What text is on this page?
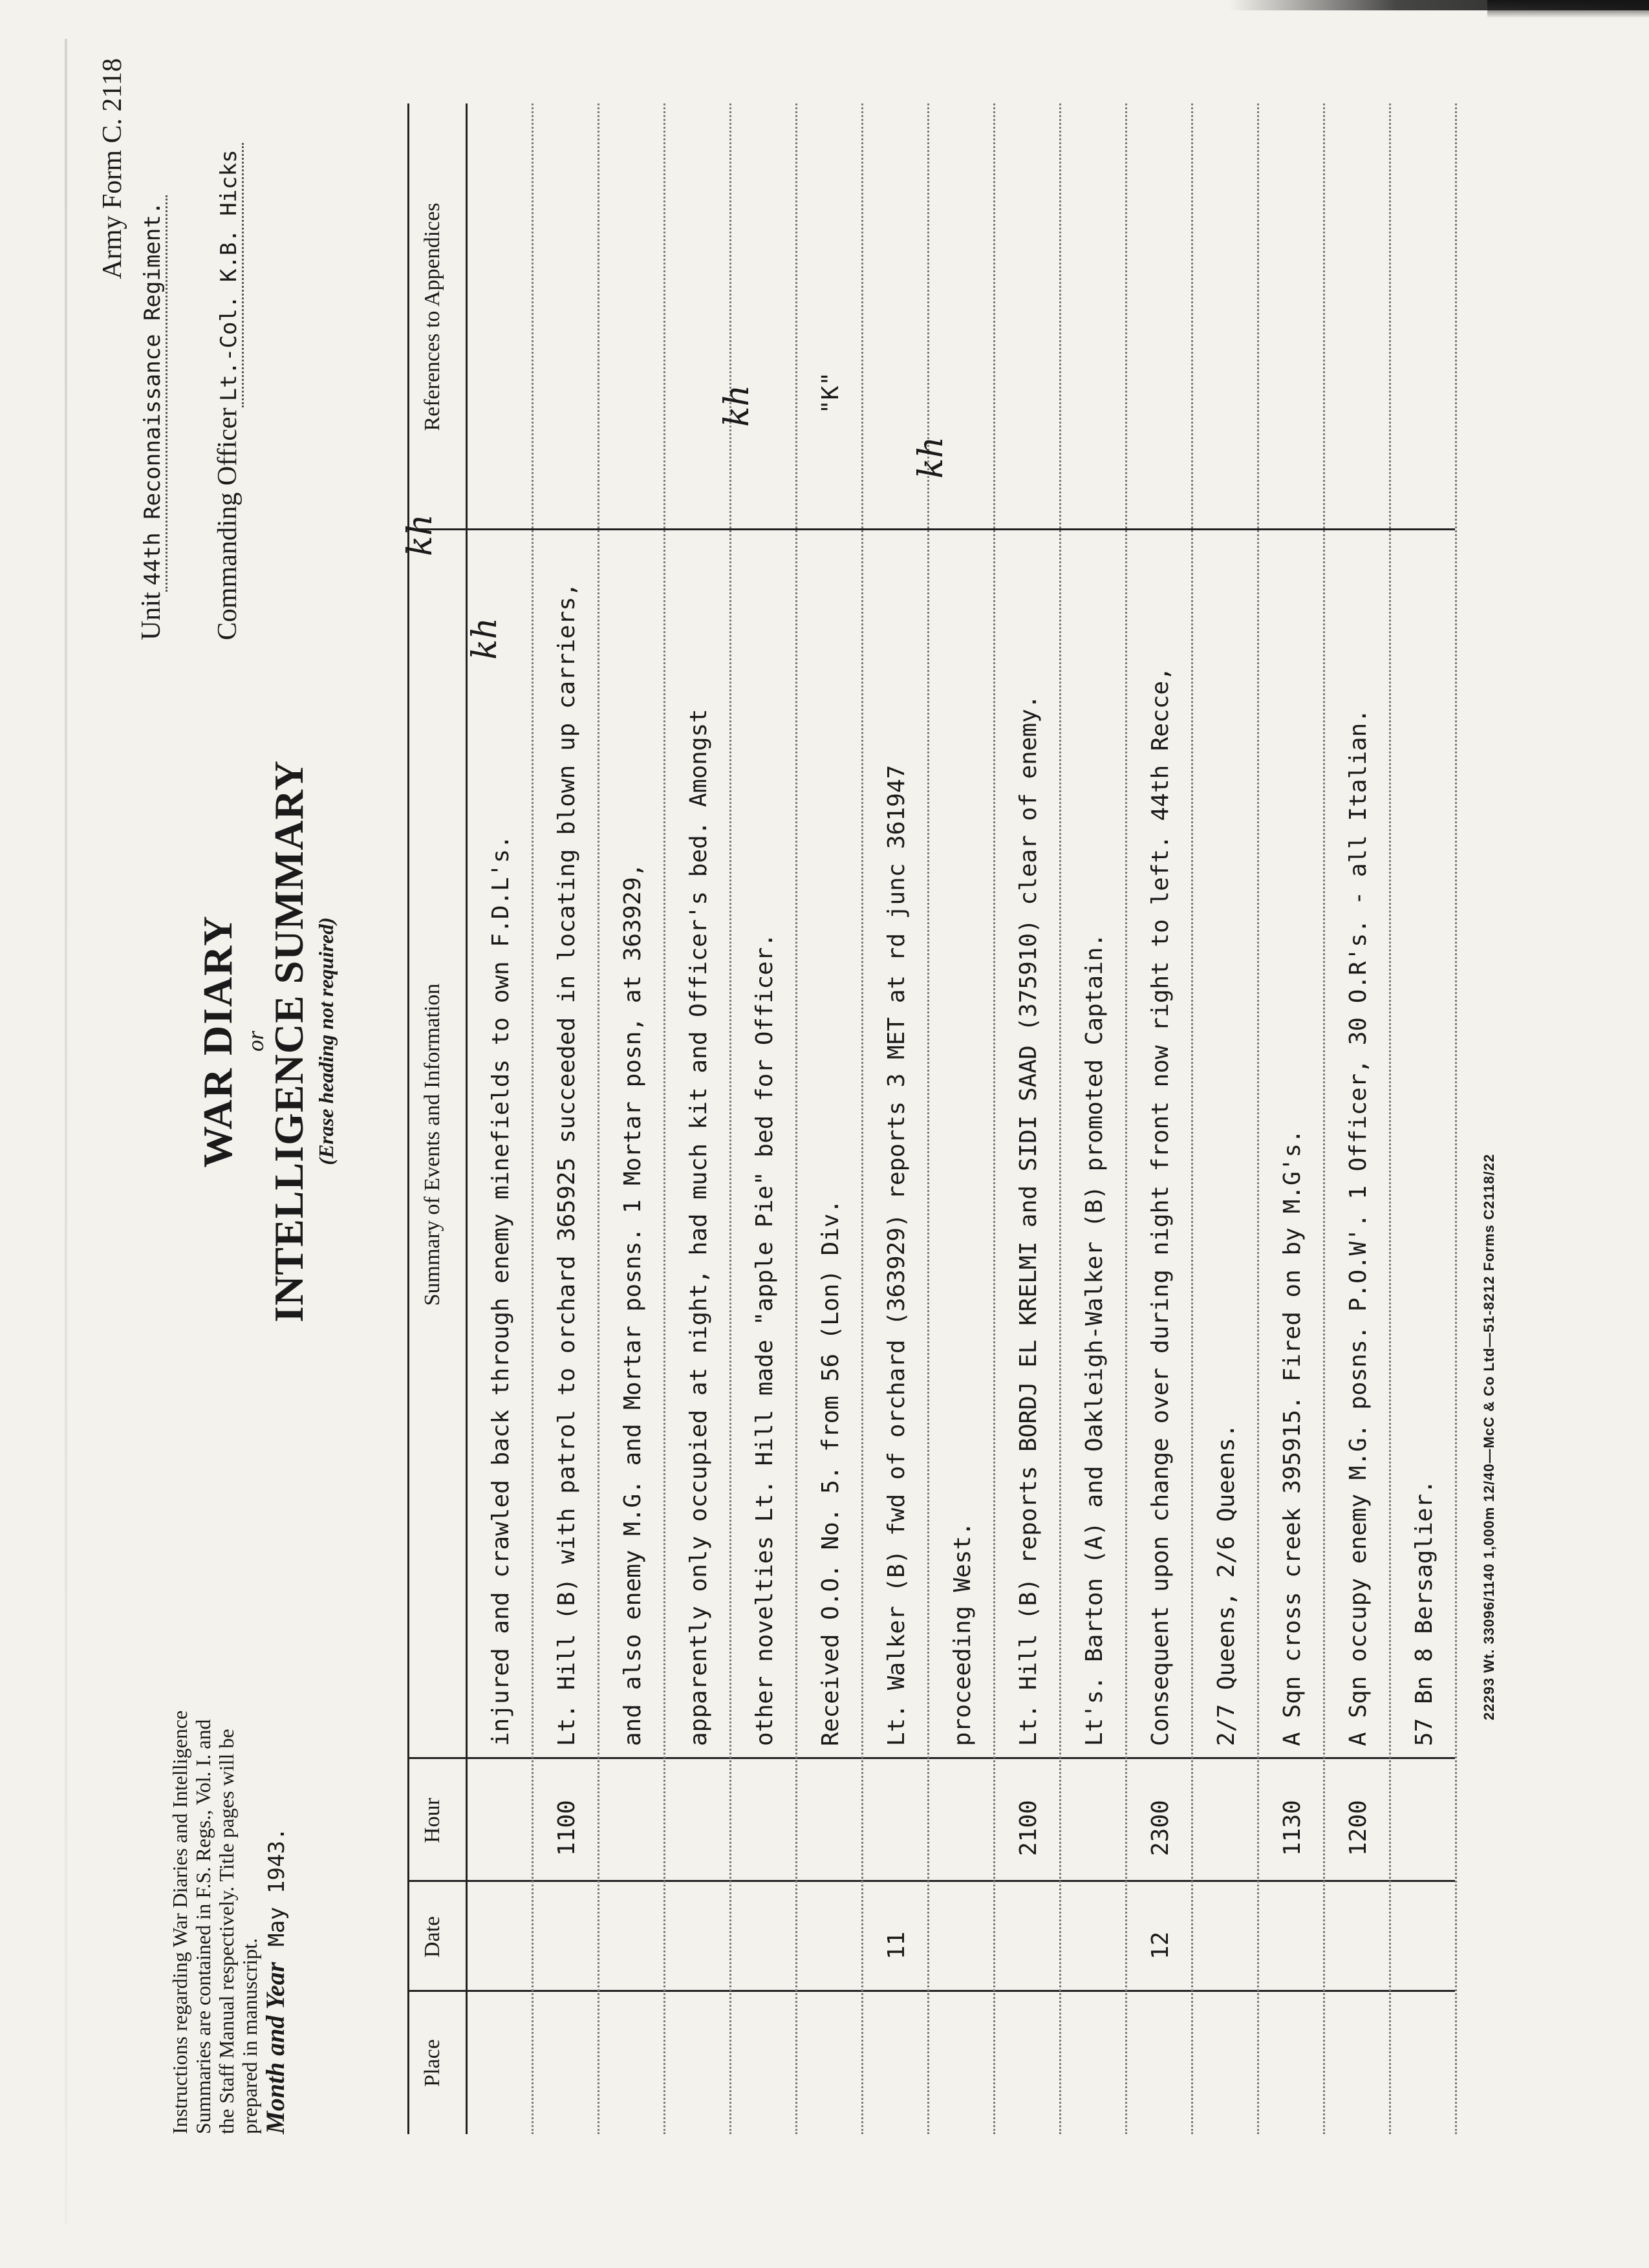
Instructions regarding War Diaries and Intelligence Summaries are contained in F.S. Regs., Vol. I. and the Staff Manual respectively. Title pages will be prepared in manuscript. Month and Year May 1943.
WAR DIARY or
INTELLIGENCE SUMMARY (Erase heading not required)
Army Form C. 2118
Unit44th Reconnaissance Regiment. Commanding OfficerLt.-Col. K.B. Hicks
Place
Date
Hour
Summary of Events and Information
References to Appendices
injured and crawled back through enemy minefields to own F.D.L's.
1100
Lt. Hill (B) with patrol to orchard 365925 succeeded in locating blown up carriers, and also enemy M.G. and Mortar posns. 1 Mortar posn, at 363929, apparently only occupied at night, had much kit and Officer's bed. Amongst other novelties Lt. Hill made "apple Pie" bed for Officer. Received O.O. No. 5. from 56 (Lon) Div.
"K"
11
Lt. Walker (B) fwd of orchard (363929) reports 3 MET at rd junc 361947 proceeding West.
2100
Lt. Hill (B) reports BORDJ EL KRELMI and SIDI SAAD (375910) clear of enemy. Lt's. Barton (A) and Oakleigh-Walker (B) promoted Captain.
12
2300
Consequent upon change over during night front now right to left. 44th Recce, 2/7 Queens, 2/6 Queens.
1130
A Sqn cross creek 395915. Fired on by M.G's.
1200
A Sqn occupy enemy M.G. posns. P.O.W'. 1 Officer, 30 O.R's. - all Italian. 57 Bn 8 Bersaglier.	22293 Wt. 33096/1140 1,000m 12/40—McC & Co Ltd—51-8212 Forms C2118/22
kh
kh
kh
kh
